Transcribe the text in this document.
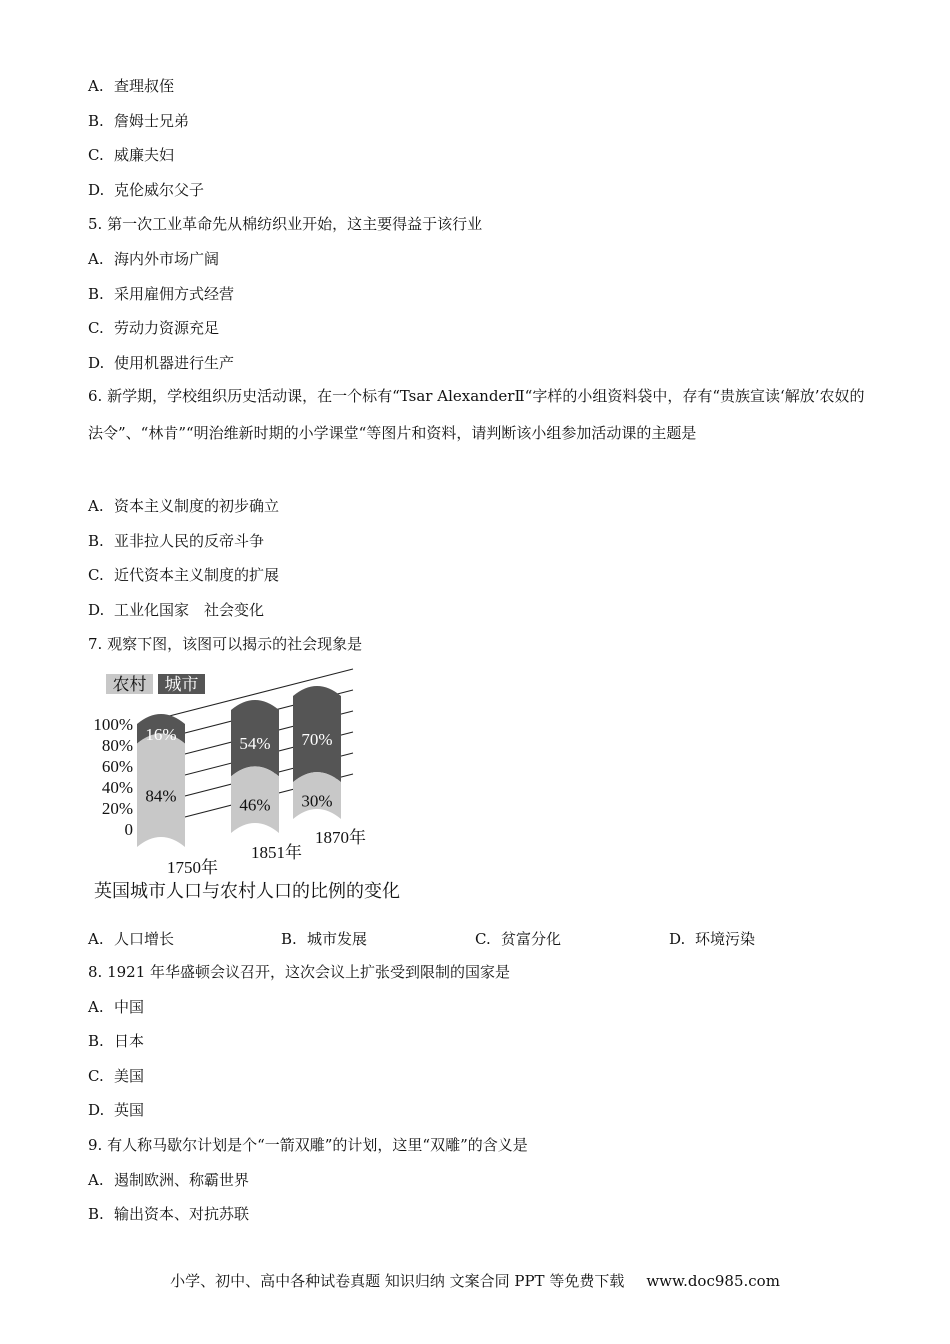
A. 查理叔侄
B. 詹姆士兄弟
C. 威廉夫妇
D. 克伦威尔父子
5. 第一次工业革命先从棉纺织业开始，这主要得益于该行业
A. 海内外市场广阔
B. 采用雇佣方式经营
C. 劳动力资源充足
D. 使用机器进行生产
6. 新学期，学校组织历史活动课，在一个标有“Tsar AlexanderⅡ“字样的小组资料袋中，存有“贵族宣读‘解放’农奴的法令”、“林肯”“明治维新时期的小学课堂“等图片和资料，请判断该小组参加活动课的主题是
A. 资本主义制度的初步确立
B. 亚非拉人民的反帝斗争
C. 近代资本主义制度的扩展
D. 工业化国家　社会变化
7. 观察下图，该图可以揭示的社会现象是
农村 城市
100%
80%
60%
40%
20%
0
16%
84%
54%
46%
70%
30%
1750年
1851年
1870年
英国城市人口与农村人口的比例的变化
A. 人口增长	B. 城市发展	C. 贫富分化	D. 环境污染
8. 1921 年华盛顿会议召开，这次会议上扩张受到限制的国家是
A. 中国
B. 日本
C. 美国
D. 英国
9. 有人称马歇尔计划是个“一箭双雕”的计划，这里“双雕”的含义是
A. 遏制欧洲、称霸世界
B. 输出资本、对抗苏联
小学、初中、高中各种试卷真题 知识归纳 文案合同 PPT 等免费下载 www.doc985.com
